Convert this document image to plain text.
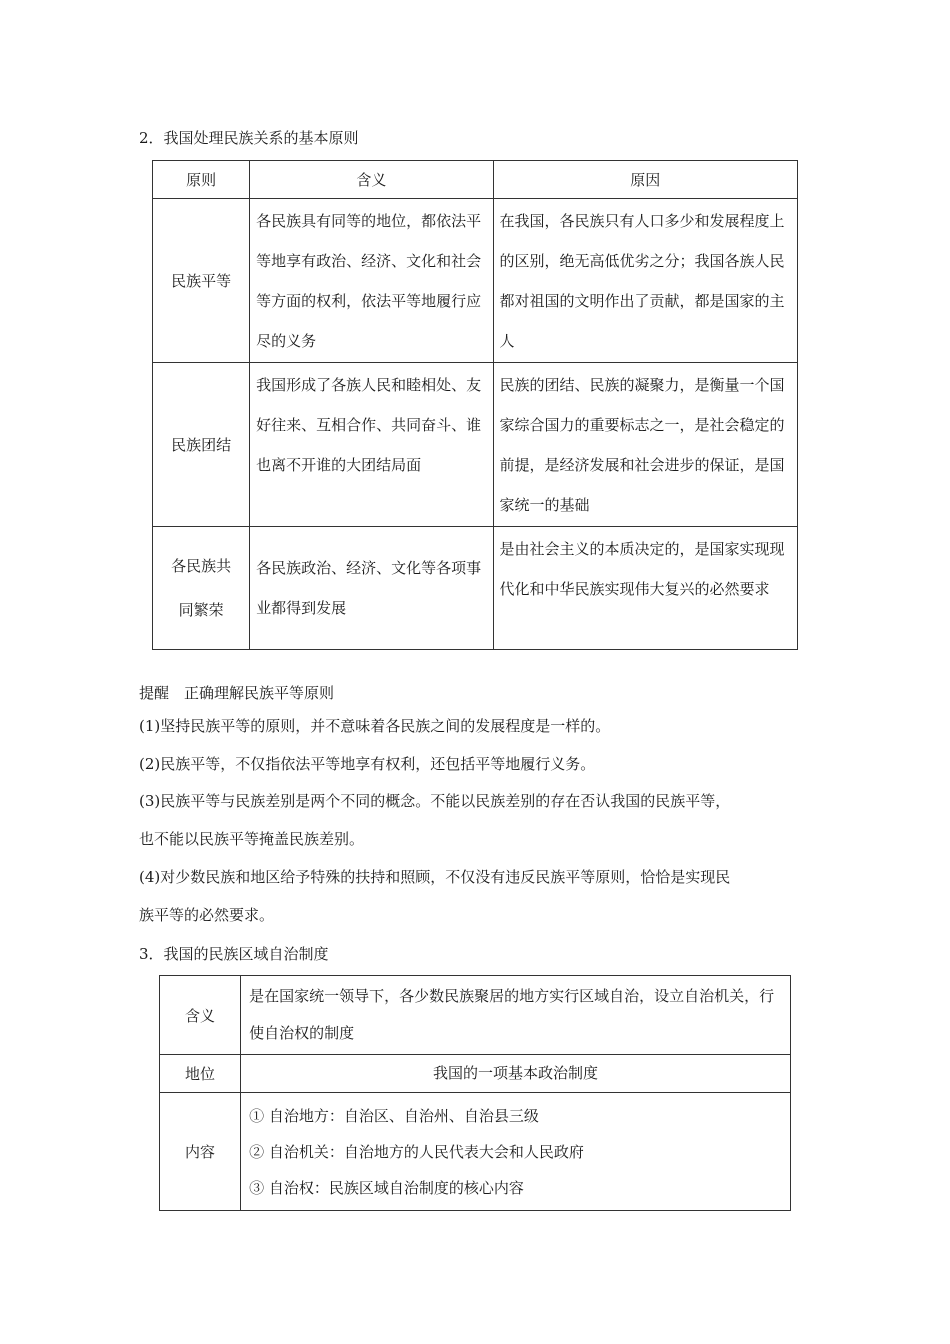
2．我国处理民族关系的基本原则
原则	含义	原因
民族平等	各民族具有同等的地位，都依法平等地享有政治、经济、文化和社会等方面的权利，依法平等地履行应尽的义务	在我国，各民族只有人口多少和发展程度上的区别，绝无高低优劣之分；我国各族人民都对祖国的文明作出了贡献，都是国家的主人
民族团结	我国形成了各族人民和睦相处、友好往来、互相合作、共同奋斗、谁也离不开谁的大团结局面	民族的团结、民族的凝聚力，是衡量一个国家综合国力的重要标志之一，是社会稳定的前提，是经济发展和社会进步的保证，是国家统一的基础
各民族共同繁荣	各民族政治、经济、文化等各项事业都得到发展	是由社会主义的本质决定的，是国家实现现代化和中华民族实现伟大复兴的必然要求
提醒　正确理解民族平等原则
(1)坚持民族平等的原则，并不意味着各民族之间的发展程度是一样的。
(2)民族平等，不仅指依法平等地享有权利，还包括平等地履行义务。
(3)民族平等与民族差别是两个不同的概念。不能以民族差别的存在否认我国的民族平等，
也不能以民族平等掩盖民族差别。
(4)对少数民族和地区给予特殊的扶持和照顾，不仅没有违反民族平等原则，恰恰是实现民
族平等的必然要求。
3．我国的民族区域自治制度
含义	是在国家统一领导下，各少数民族聚居的地方实行区域自治，设立自治机关，行使自治权的制度
地位	我国的一项基本政治制度
内容	① 自治地方：自治区、自治州、自治县三级
② 自治机关：自治地方的人民代表大会和人民政府
③ 自治权：民族区域自治制度的核心内容
